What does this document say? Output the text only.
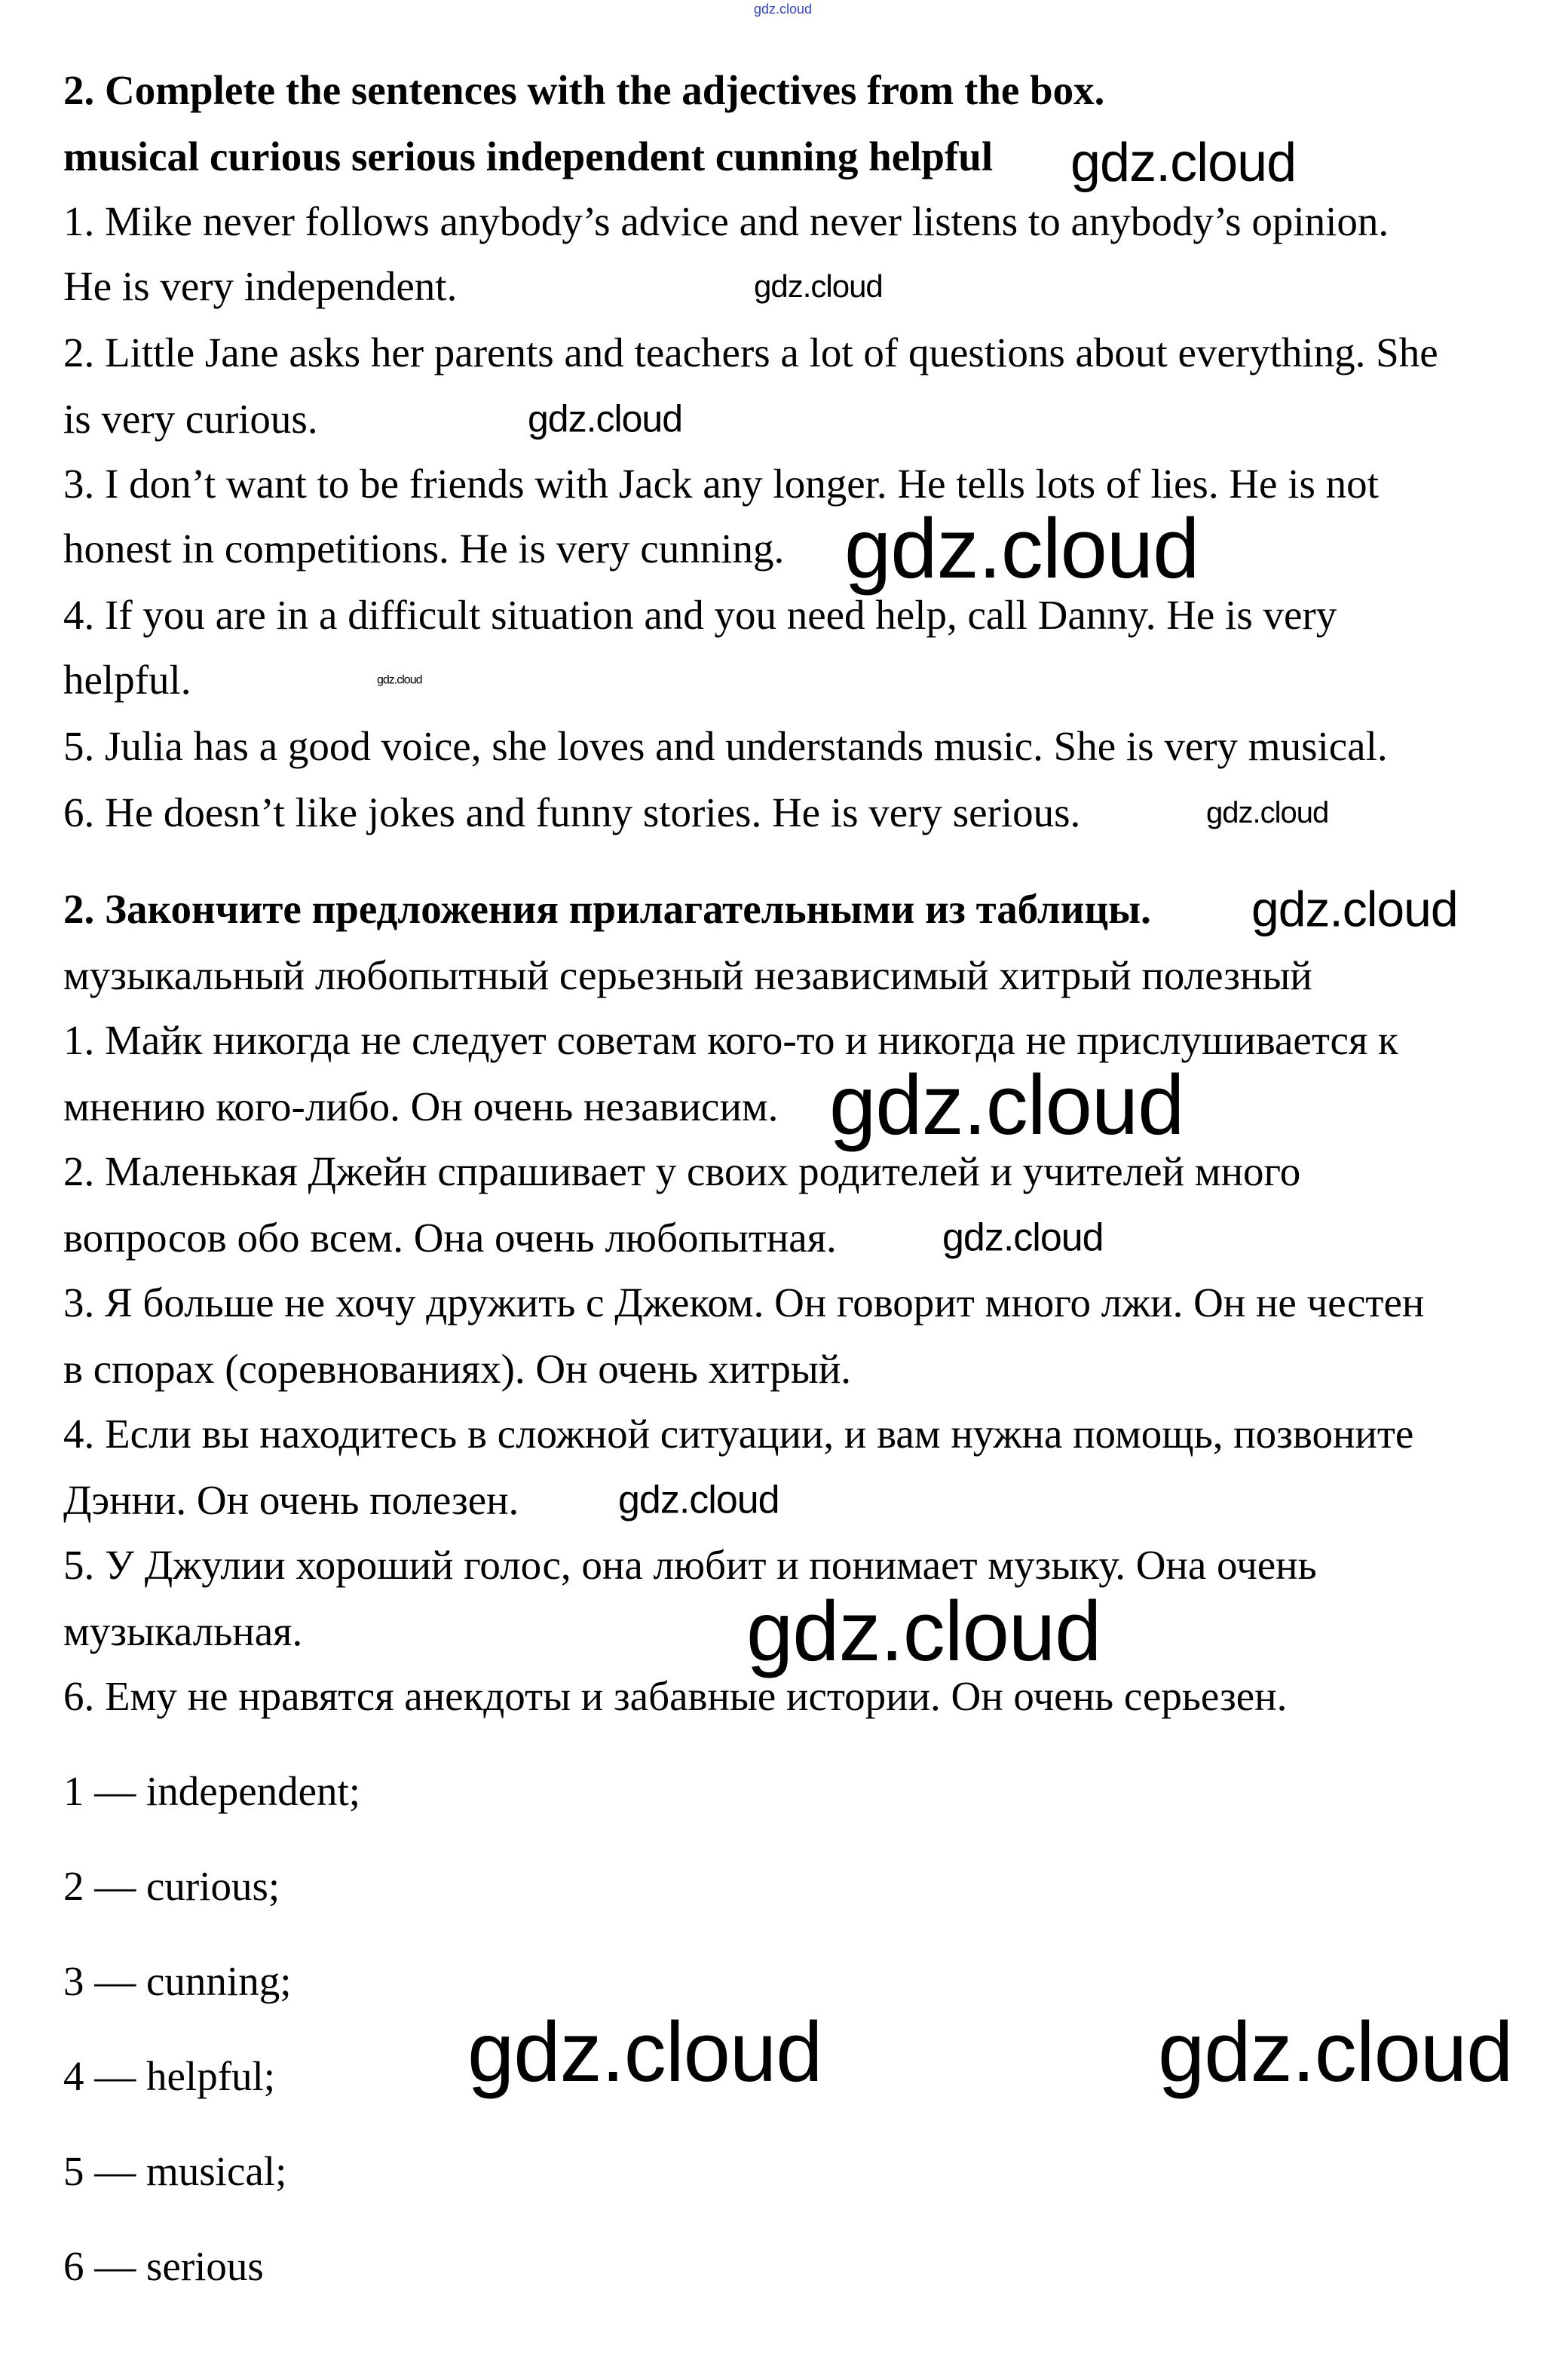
gdz.cloud
2. Complete the sentences with the adjectives from the box.
musical curious serious independent cunning helpful
1. Mike never follows anybody’s advice and never listens to anybody’s opinion.
He is very independent.
2. Little Jane asks her parents and teachers a lot of questions about everything. She
is very curious.
3. I don’t want to be friends with Jack any longer. He tells lots of lies. He is not
honest in competitions. He is very cunning.
4. If you are in a difficult situation and you need help, call Danny. He is very
helpful.
5. Julia has a good voice, she loves and understands music. She is very musical.
6. He doesn’t like jokes and funny stories. He is very serious.
2. Закончите предложения прилагательными из таблицы.
музыкальный любопытный серьезный независимый хитрый полезный
1. Майк никогда не следует советам кого-то и никогда не прислушивается к
мнению кого-либо. Он очень независим.
2. Маленькая Джейн спрашивает у своих родителей и учителей много
вопросов обо всем. Она очень любопытная.
3. Я больше не хочу дружить с Джеком. Он говорит много лжи. Он не честен
в спорах (соревнованиях). Он очень хитрый.
4. Если вы находитесь в сложной ситуации, и вам нужна помощь, позвоните
Дэнни. Он очень полезен.
5. У Джулии хороший голос, она любит и понимает музыку. Она очень
музыкальная.
6. Ему не нравятся анекдоты и забавные истории. Он очень серьезен.
1 — independent;
2 — curious;
3 — cunning;
4 — helpful;
5 — musical;
6 — serious
gdz.cloud
gdz.cloud
gdz.cloud
gdz.cloud
gdz.cloud
gdz.cloud
gdz.cloud
gdz.cloud
gdz.cloud
gdz.cloud
gdz.cloud	gdz.cloud
gdz.cloud
